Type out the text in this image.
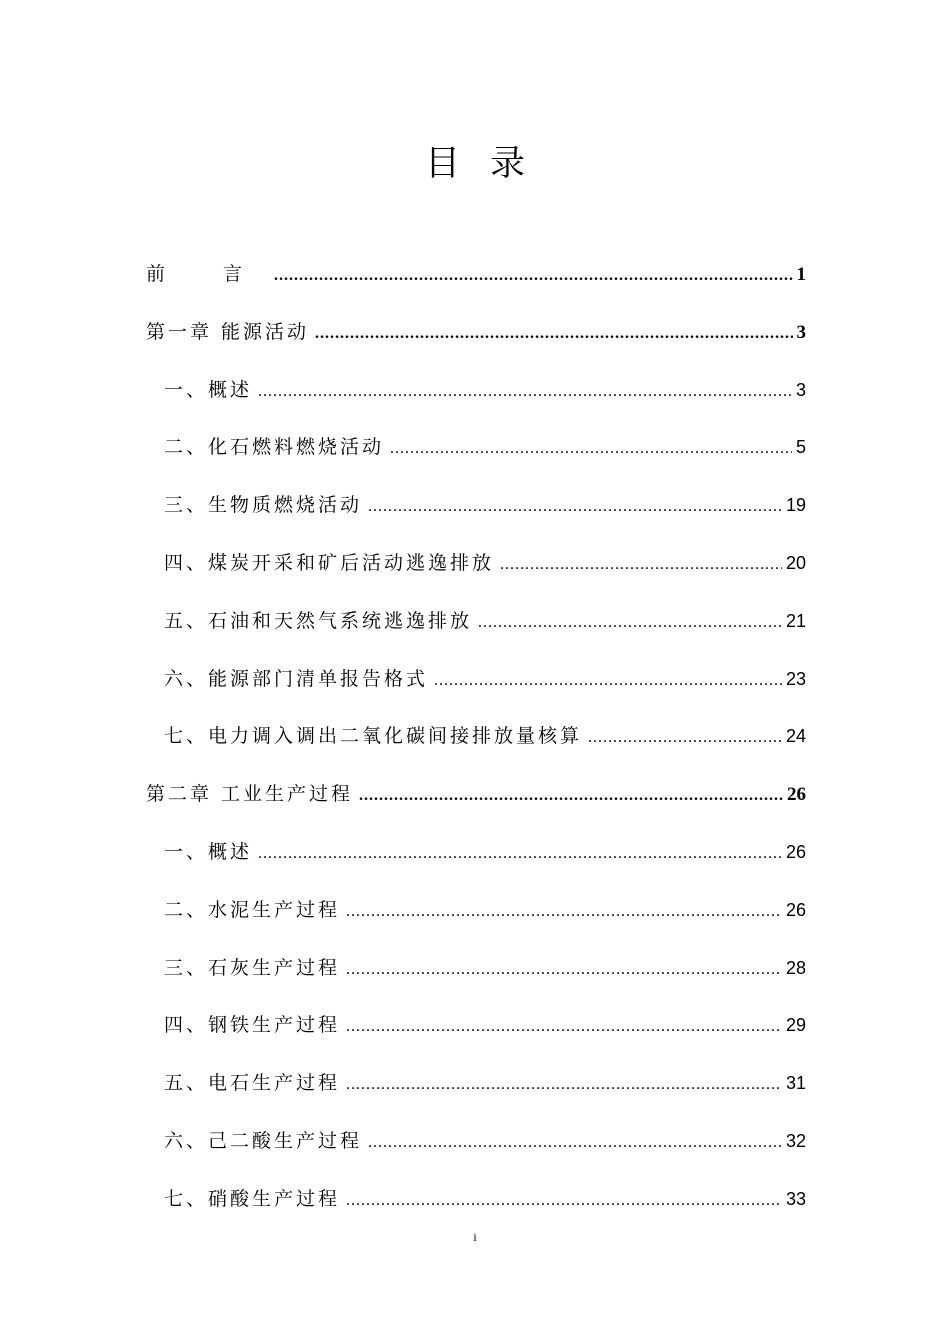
目录
前 言 .....	1
第一章 能源活动 .....	3
一、概述 .....	3
二、化石燃料燃烧活动 .....	5
三、生物质燃烧活动 .....	19
四、煤炭开采和矿后活动逃逸排放 .....	20
五、石油和天然气系统逃逸排放 .....	21
六、能源部门清单报告格式 .....	23
七、电力调入调出二氧化碳间接排放量核算 .....	24
第二章 工业生产过程 .....	26
一、概述 .....	26
二、水泥生产过程 .....	26
三、石灰生产过程 .....	28
四、钢铁生产过程 .....	29
五、电石生产过程 .....	31
六、己二酸生产过程 .....	32
七、硝酸生产过程 .....	33
i
